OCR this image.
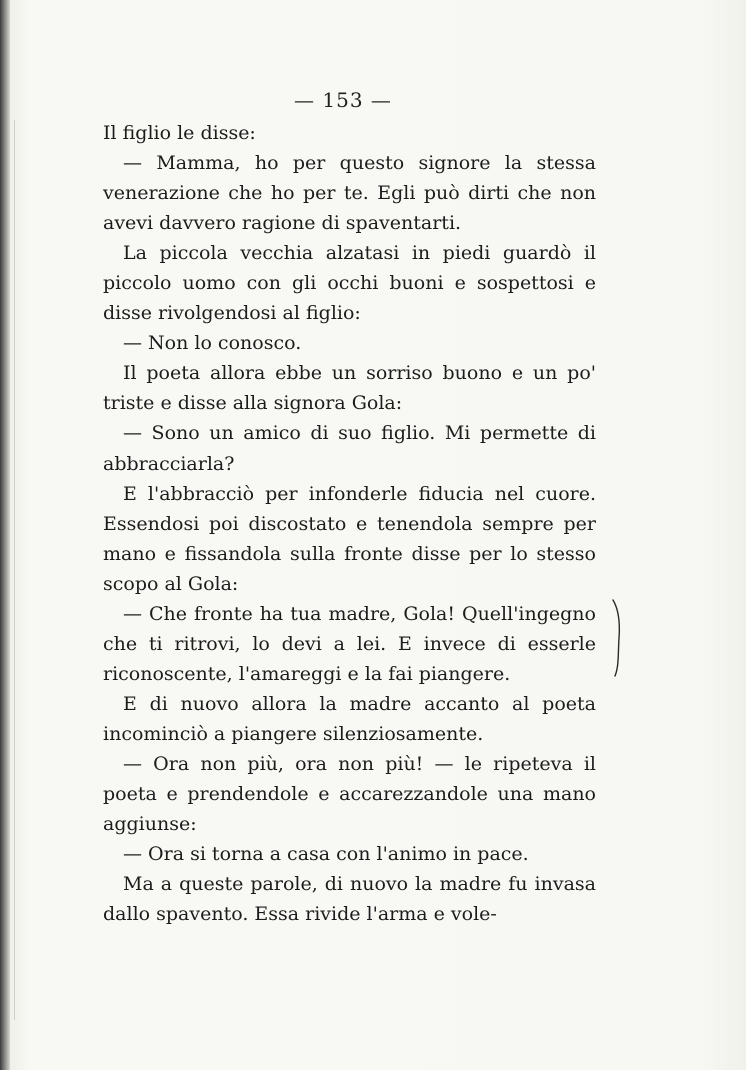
— 153 —

Il figlio le disse:

— Mamma, ho per questo signore la stessa venerazione che ho per te. Egli può dirti che non avevi davvero ragione di spaventarti.

La piccola vecchia alzatasi in piedi guardò il piccolo uomo con gli occhi buoni e sospettosi e disse rivolgendosi al figlio:

— Non lo conosco.

Il poeta allora ebbe un sorriso buono e un po' triste e disse alla signora Gola:

— Sono un amico di suo figlio. Mi permette di abbracciarla?

E l'abbracciò per infonderle fiducia nel cuore. Essendosi poi discostato e tenendola sempre per mano e fissandola sulla fronte disse per lo stesso scopo al Gola:

— Che fronte ha tua madre, Gola! Quell'ingegno che ti ritrovi, lo devi a lei. E invece di esserle riconoscente, l'amareggi e la fai piangere.

E di nuovo allora la madre accanto al poeta incominciò a piangere silenziosamente.

— Ora non più, ora non più! — le ripeteva il poeta e prendendole e accarezzandole una mano aggiunse:

— Ora si torna a casa con l'animo in pace.

Ma a queste parole, di nuovo la madre fu invasa dallo spavento. Essa rivide l'arma e vole-
